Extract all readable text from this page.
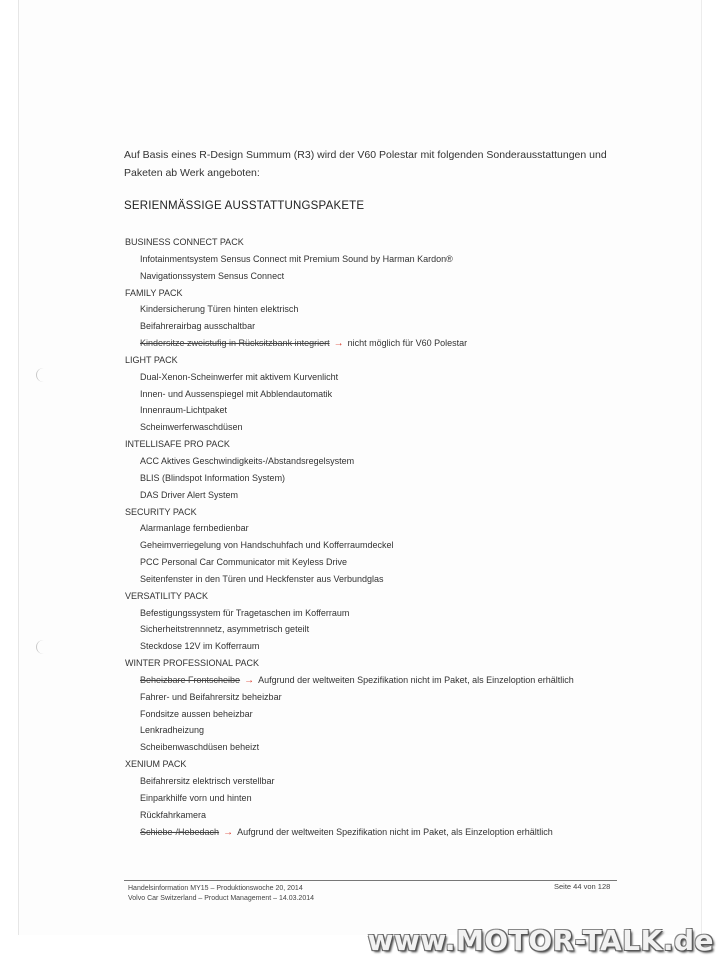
Auf Basis eines R-Design Summum (R3) wird der V60 Polestar mit folgenden Sonderausstattungen und Paketen ab Werk angeboten:

SERIENMÄSSIGE AUSSTATTUNGSPAKETE
BUSINESS CONNECT PACK
Infotainmentsystem Sensus Connect mit Premium Sound by Harman Kardon®
Navigationssystem Sensus Connect
FAMILY PACK
Kindersicherung Türen hinten elektrisch
Beifahrerairbag ausschaltbar
Kindersitze zweistufig in Rücksitzbank integriert → nicht möglich für V60 Polestar
LIGHT PACK
Dual-Xenon-Scheinwerfer mit aktivem Kurvenlicht
Innen- und Aussenspiegel mit Abblendautomatik
Innenraum-Lichtpaket
Scheinwerferwaschdüsen
INTELLISAFE PRO PACK
ACC Aktives Geschwindigkeits-/Abstandsregelsystem
BLIS (Blindspot Information System)
DAS Driver Alert System
SECURITY PACK
Alarmanlage fernbedienbar
Geheimverriegelung von Handschuhfach und Kofferraumdeckel
PCC Personal Car Communicator mit Keyless Drive
Seitenfenster in den Türen und Heckfenster aus Verbundglas
VERSATILITY PACK
Befestigungssystem für Tragetaschen im Kofferraum
Sicherheitstrennnetz, asymmetrisch geteilt
Steckdose 12V im Kofferraum
WINTER PROFESSIONAL PACK
Beheizbare Frontscheibe → Aufgrund der weltweiten Spezifikation nicht im Paket, als Einzeloption erhältlich
Fahrer- und Beifahrersitz beheizbar
Fondsitze aussen beheizbar
Lenkradheizung
Scheibenwaschdüsen beheizt
XENIUM PACK
Beifahrersitz elektrisch verstellbar
Einparkhilfe vorn und hinten
Rückfahrkamera
Schiebe-/Hebedach → Aufgrund der weltweiten Spezifikation nicht im Paket, als Einzeloption erhältlich
Handelsinformation MY15 – Produktionswoche 20, 2014
Volvo Car Switzerland – Product Management – 14.03.2014
Seite 44 von 128
www.MOTOR-TALK.de
